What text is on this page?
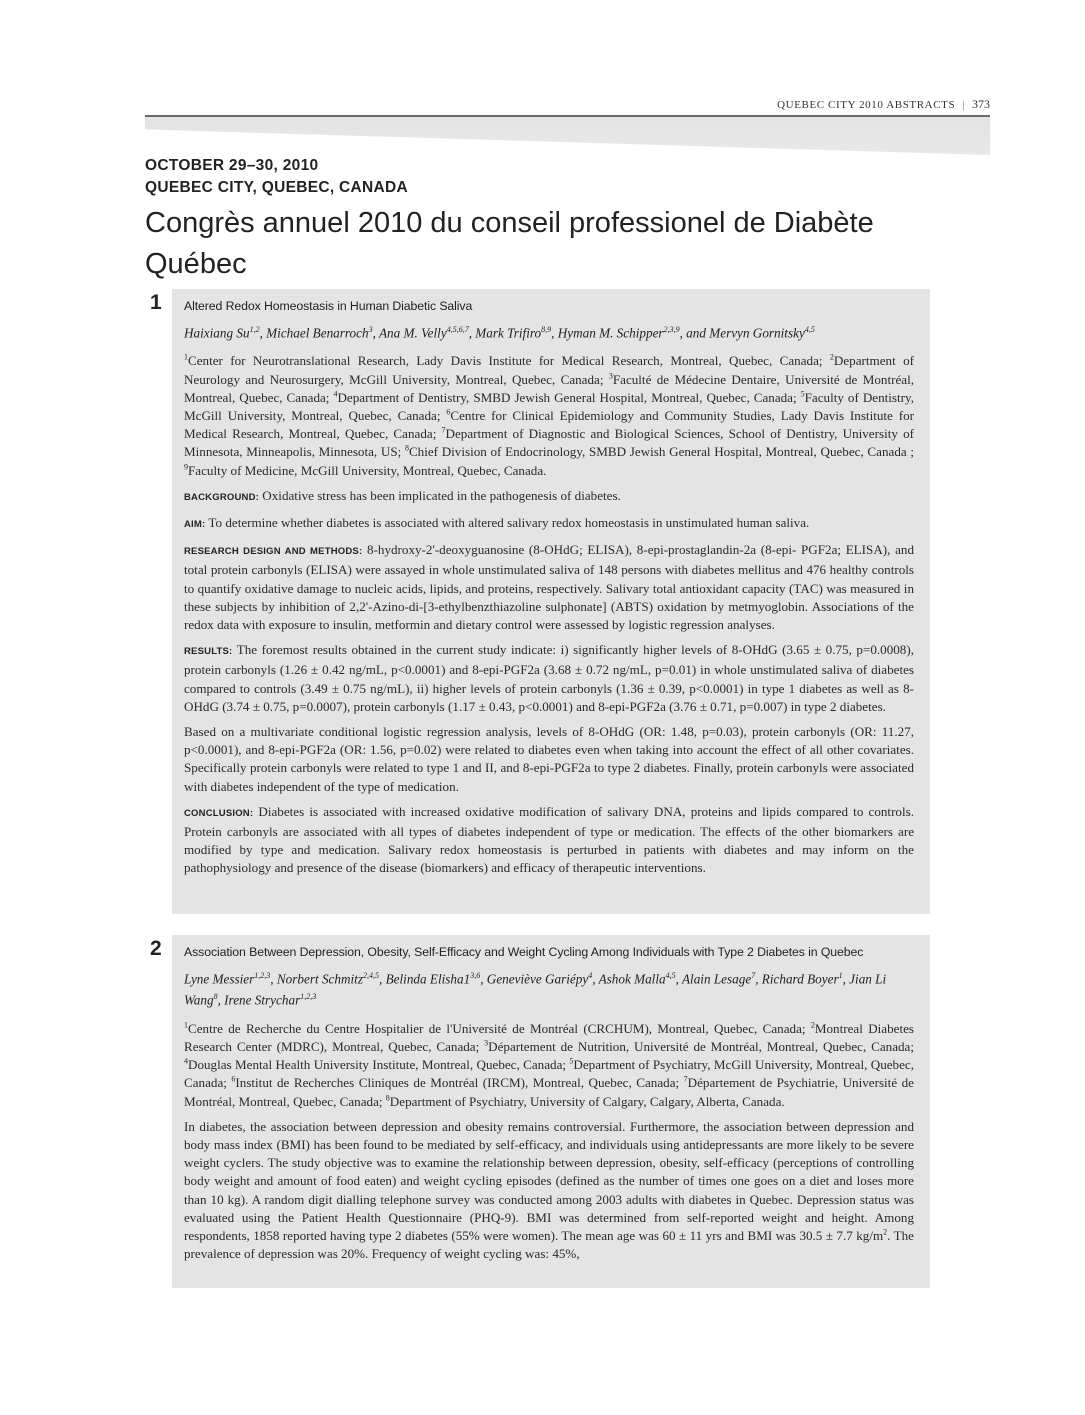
QUEBEC CITY 2010 ABSTRACTS | 373
OCTOBER 29–30, 2010
QUEBEC CITY, QUEBEC, CANADA
Congrès annuel 2010 du conseil professionel de Diabète Québec
1 Altered Redox Homeostasis in Human Diabetic Saliva

Haixiang Su$^{1,2}$, Michael Benarroch$^3$, Ana M. Velly$^{4,5,6,7}$, Mark Trifiro$^{8,9}$, Hyman M. Schipper$^{2,3,9}$, and Mervyn Gornitsky$^{4,5}$

$^1$Center for Neurotranslational Research, Lady Davis Institute for Medical Research, Montreal, Quebec, Canada; $^2$Department of Neurology and Neurosurgery, McGill University, Montreal, Quebec, Canada; $^3$Faculté de Médecine Dentaire, Université de Montréal, Montreal, Quebec, Canada; $^4$Department of Dentistry, SMBD Jewish General Hospital, Montreal, Quebec, Canada; $^5$Faculty of Dentistry, McGill University, Montreal, Quebec, Canada; $^6$Centre for Clinical Epidemiology and Community Studies, Lady Davis Institute for Medical Research, Montreal, Quebec, Canada; $^7$Department of Diagnostic and Biological Sciences, School of Dentistry, University of Minnesota, Minneapolis, Minnesota, US; $^8$Chief Division of Endocrinology, SMBD Jewish General Hospital, Montreal, Quebec, Canada ; $^9$Faculty of Medicine, McGill University, Montreal, Quebec, Canada.

BACKGROUND: Oxidative stress has been implicated in the pathogenesis of diabetes.

AIM: To determine whether diabetes is associated with altered salivary redox homeostasis in unstimulated human saliva.

RESEARCH DESIGN AND METHODS: 8-hydroxy-2'-deoxyguanosine (8-OHdG; ELISA), 8-epi-prostaglandin-2a (8-epi- PGF2a; ELISA), and total protein carbonyls (ELISA) were assayed in whole unstimulated saliva of 148 persons with diabetes mellitus and 476 healthy controls to quantify oxidative damage to nucleic acids, lipids, and proteins, respectively. Salivary total antioxidant capacity (TAC) was measured in these subjects by inhibition of 2,2'-Azino-di-[3-ethylbenzthiazoline sulphonate] (ABTS) oxidation by metmyoglobin. Associations of the redox data with exposure to insulin, metformin and dietary control were assessed by logistic regression analyses.

RESULTS: The foremost results obtained in the current study indicate: i) significantly higher levels of 8-OHdG (3.65 ± 0.75, p=0.0008), protein carbonyls (1.26 ± 0.42 ng/mL, p<0.0001) and 8-epi-PGF2a (3.68 ± 0.72 ng/mL, p=0.01) in whole unstimulated saliva of diabetes compared to controls (3.49 ± 0.75 ng/mL), ii) higher levels of protein carbonyls (1.36 ± 0.39, p<0.0001) in type 1 diabetes as well as 8-OHdG (3.74 ± 0.75, p=0.0007), protein carbonyls (1.17 ± 0.43, p<0.0001) and 8-epi-PGF2a (3.76 ± 0.71, p=0.007) in type 2 diabetes.

Based on a multivariate conditional logistic regression analysis, levels of 8-OHdG (OR: 1.48, p=0.03), protein carbonyls (OR: 11.27, p<0.0001), and 8-epi-PGF2a (OR: 1.56, p=0.02) were related to diabetes even when taking into account the effect of all other covariates. Specifically protein carbonyls were related to type 1 and II, and 8-epi-PGF2a to type 2 diabetes. Finally, protein carbonyls were associated with diabetes independent of the type of medication.

CONCLUSION: Diabetes is associated with increased oxidative modification of salivary DNA, proteins and lipids compared to controls. Protein carbonyls are associated with all types of diabetes independent of type or medication. The effects of the other biomarkers are modified by type and medication. Salivary redox homeostasis is perturbed in patients with diabetes and may inform on the pathophysiology and presence of the disease (biomarkers) and efficacy of therapeutic interventions.

2 Association Between Depression, Obesity, Self-Efficacy and Weight Cycling Among Individuals with Type 2 Diabetes in Quebec

Lyne Messier$^{1,2,3}$, Norbert Schmitz$^{2,4,5}$, Belinda Elisha1$^{3,6}$, Geneviève Gariépy$^4$, Ashok Malla$^{4,5}$, Alain Lesage$^7$, Richard Boyer$^1$, Jian Li Wang$^8$, Irene Strychar$^{1,2,3}$

$^1$Centre de Recherche du Centre Hospitalier de l'Université de Montréal (CRCHUM), Montreal, Quebec, Canada; $^2$Montreal Diabetes Research Center (MDRC), Montreal, Quebec, Canada; $^3$Département de Nutrition, Université de Montréal, Montreal, Quebec, Canada; $^4$Douglas Mental Health University Institute, Montreal, Quebec, Canada; $^5$Department of Psychiatry, McGill University, Montreal, Quebec, Canada; $^6$Institut de Recherches Cliniques de Montréal (IRCM), Montreal, Quebec, Canada; $^7$Département de Psychiatrie, Université de Montréal, Montreal, Quebec, Canada; $^8$Department of Psychiatry, University of Calgary, Calgary, Alberta, Canada.

In diabetes, the association between depression and obesity remains controversial. Furthermore, the association between depression and body mass index (BMI) has been found to be mediated by self-efficacy, and individuals using antidepressants are more likely to be severe weight cyclers. The study objective was to examine the relationship between depression, obesity, self-efficacy (perceptions of controlling body weight and amount of food eaten) and weight cycling episodes (defined as the number of times one goes on a diet and loses more than 10 kg). A random digit dialling telephone survey was conducted among 2003 adults with diabetes in Quebec. Depression status was evaluated using the Patient Health Questionnaire (PHQ-9). BMI was determined from self-reported weight and height. Among respondents, 1858 reported having type 2 diabetes (55% were women). The mean age was 60 ± 11 yrs and BMI was 30.5 ± 7.7 $kg/m^2$. The prevalence of depression was 20%. Frequency of weight cycling was: 45%,
